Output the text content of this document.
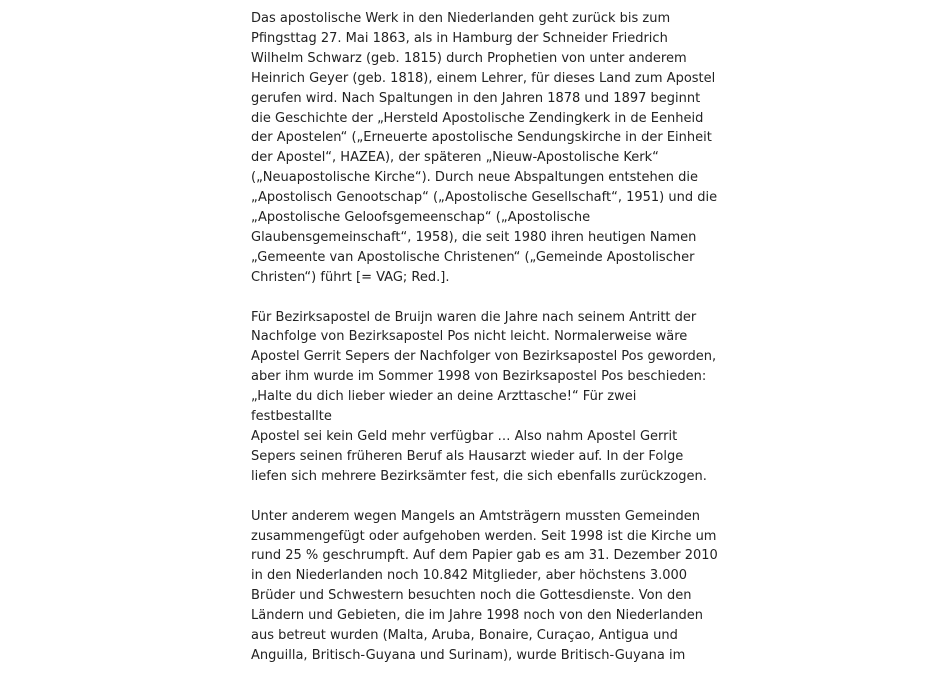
Das apostolische Werk in den Niederlanden geht zurück bis zum
Pfingsttag 27. Mai 1863, als in Hamburg der Schneider Friedrich
Wilhelm Schwarz (geb. 1815) durch Prophetien von unter anderem
Heinrich Geyer (geb. 1818), einem Lehrer, für dieses Land zum Apostel
gerufen wird. Nach Spaltungen in den Jahren 1878 und 1897 beginnt
die Geschichte der „Hersteld Apostolische Zendingkerk in de Eenheid
der Apostelen“ („Erneuerte apostolische Sendungskirche in der Einheit
der Apostel“, HAZEA), der späteren „Nieuw-Apostolische Kerk“
(„Neuapostolische Kirche“). Durch neue Abspaltungen entstehen die
„Apostolisch Genootschap“ („Apostolische Gesellschaft“, 1951) und die
„Apostolische Geloofsgemeenschap“ („Apostolische
Glaubensgemeinschaft“, 1958), die seit 1980 ihren heutigen Namen
„Gemeente van Apostolische Christenen“ („Gemeinde Apostolischer
Christen“) führt [= VAG; Red.].

Für Bezirksapostel de Bruijn waren die Jahre nach seinem Antritt der
Nachfolge von Bezirksapostel Pos nicht leicht. Normalerweise wäre
Apostel Gerrit Sepers der Nachfolger von Bezirksapostel Pos geworden,
aber ihm wurde im Sommer 1998 von Bezirksapostel Pos beschieden:
„Halte du dich lieber wieder an deine Arzttasche!“ Für zwei festbestallte
Apostel sei kein Geld mehr verfügbar … Also nahm Apostel Gerrit
Sepers seinen früheren Beruf als Hausarzt wieder auf. In der Folge
liefen sich mehrere Bezirksämter fest, die sich ebenfalls zurückzogen.

Unter anderem wegen Mangels an Amtsträgern mussten Gemeinden
zusammengefügt oder aufgehoben werden. Seit 1998 ist die Kirche um
rund 25 % geschrumpft. Auf dem Papier gab es am 31. Dezember 2010
in den Niederlanden noch 10.842 Mitglieder, aber höchstens 3.000
Brüder und Schwestern besuchten noch die Gottesdienste. Von den
Ländern und Gebieten, die im Jahre 1998 noch von den Niederlanden
aus betreut wurden (Malta, Aruba, Bonaire, Curaçao, Antigua und
Anguilla, Britisch-Guyana und Surinam), wurde Britisch-Guyana im
